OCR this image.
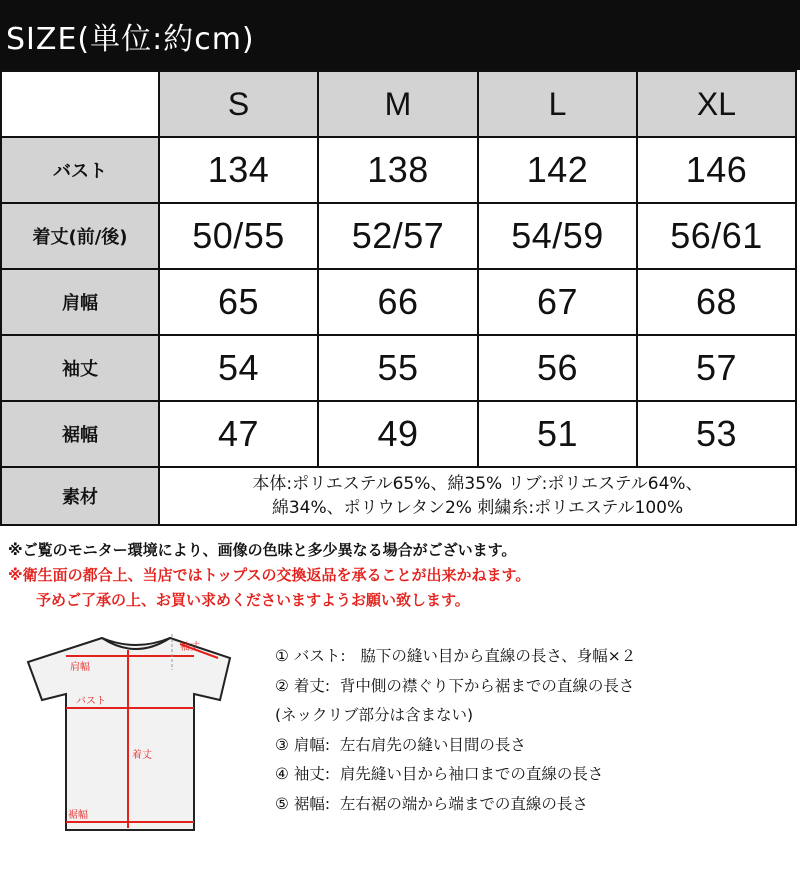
SIZE(単位:約cm)
	S	M	L	XL
バスト	134	138	142	146
着丈(前/後)	50/55	52/57	54/59	56/61
肩幅	65	66	67	68
袖丈	54	55	56	57
裾幅	47	49	51	53
素材	本体:ポリエステル65%、綿35% リブ:ポリエステル64%、
綿34%、ポリウレタン2% 刺繍糸:ポリエステル100%			
※ご覧のモニター環境により、画像の色味と多少異なる場合がございます。
※衛生面の都合上、当店ではトップスの交換返品を承ることが出来かねます。
予めご了承の上、お買い求めくださいますようお願い致します。
袖丈
肩幅
バスト
着丈
裾幅
① バスト:   脇下の縫い目から直線の長さ、身幅×２
② 着丈:  背中側の襟ぐり下から裾までの直線の長さ
(ネックリブ部分は含まない)
③ 肩幅:  左右肩先の縫い目間の長さ
④ 袖丈:  肩先縫い目から袖口までの直線の長さ
⑤ 裾幅:  左右裾の端から端までの直線の長さ
